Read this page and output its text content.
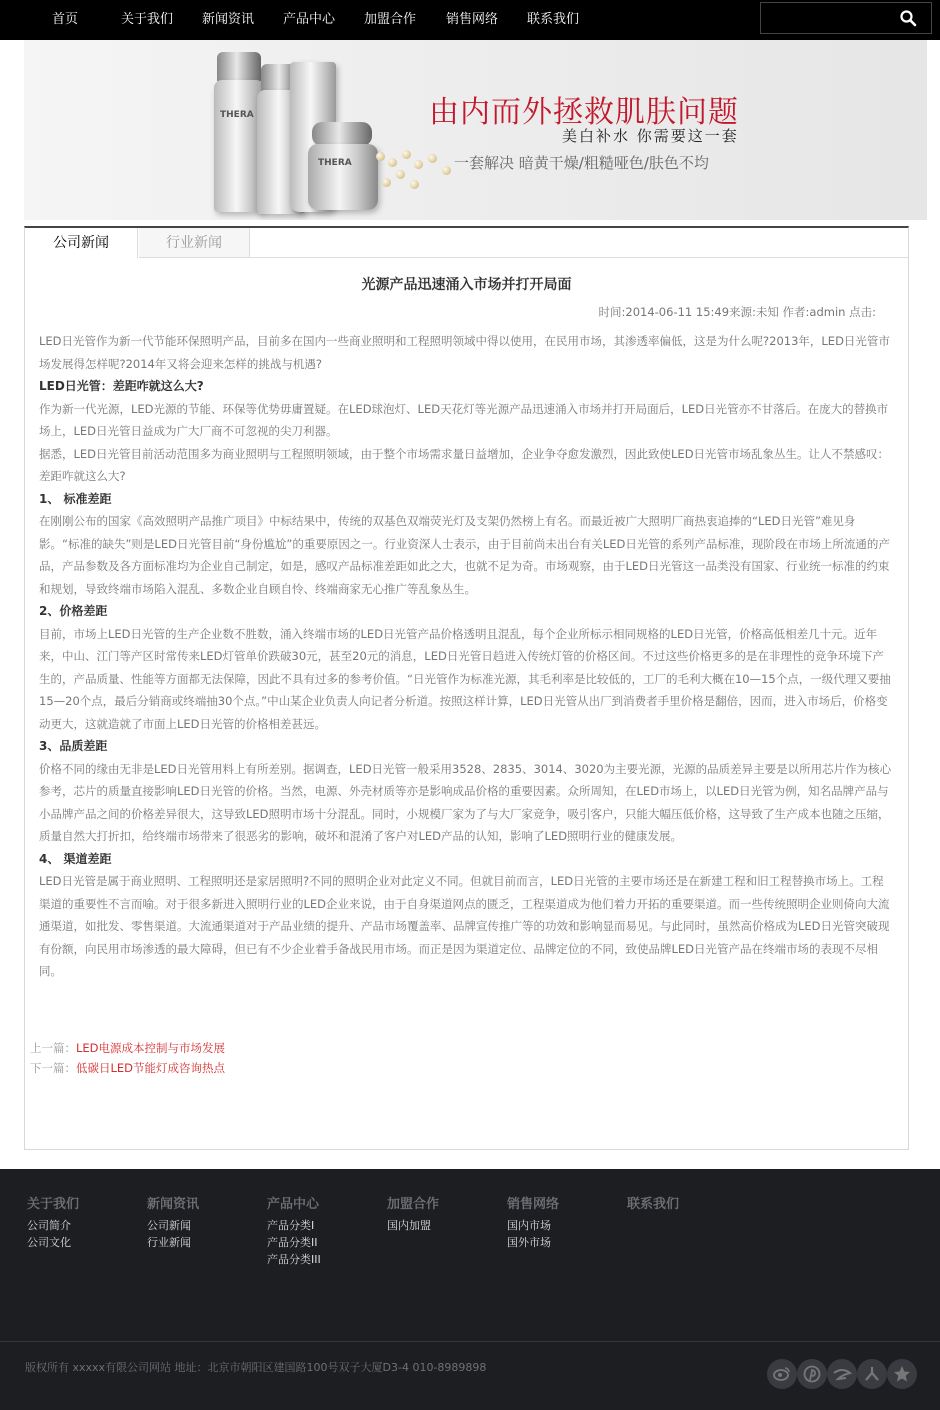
首页	关于我们 新闻资讯 产品中心 加盟合作 销售网络 联系我们
THERA
THERA
由内而外拯救肌肤问题
美白补水 你需要这一套
一套解决 暗黄干燥/粗糙哑色/肤色不均
公司新闻	行业新闻
光源产品迅速涌入市场并打开局面
时间:2014-06-11 15:49来源:未知 作者:admin 点击:

LED日光管作为新一代节能环保照明产品，目前多在国内一些商业照明和工程照明领域中得以使用，在民用市场，其渗透率偏低，这是为什么呢?2013年，LED日光管市场发展得怎样呢?2014年又将会迎来怎样的挑战与机遇?

LED日光管：差距咋就这么大?

作为新一代光源，LED光源的节能、环保等优势毋庸置疑。在LED球泡灯、LED天花灯等光源产品迅速涌入市场并打开局面后，LED日光管亦不甘落后。在庞大的替换市场上，LED日光管日益成为广大厂商不可忽视的尖刀利器。

据悉，LED日光管目前活动范围多为商业照明与工程照明领域，由于整个市场需求量日益增加，企业争夺愈发激烈，因此致使LED日光管市场乱象丛生。让人不禁感叹：差距咋就这么大?

1、 标准差距

在刚刚公布的国家《高效照明产品推广项目》中标结果中，传统的双基色双端荧光灯及支架仍然榜上有名。而最近被广大照明厂商热衷追捧的“LED日光管”难见身影。“标准的缺失”则是LED日光管目前“身份尴尬”的重要原因之一。行业资深人士表示，由于目前尚未出台有关LED日光管的系列产品标准，现阶段在市场上所流通的产品，产品参数及各方面标准均为企业自己制定，如是，感叹产品标准差距如此之大，也就不足为奇。市场观察，由于LED日光管这一品类没有国家、行业统一标准的约束和规划，导致终端市场陷入混乱、多数企业自顾自怜、终端商家无心推广等乱象丛生。

2、价格差距

目前，市场上LED日光管的生产企业数不胜数，涌入终端市场的LED日光管产品价格透明且混乱，每个企业所标示相同规格的LED日光管，价格高低相差几十元。近年来，中山、江门等产区时常传来LED灯管单价跌破30元，甚至20元的消息，LED日光管日趋进入传统灯管的价格区间。不过这些价格更多的是在非理性的竞争环境下产生的，产品质量、性能等方面都无法保障，因此不具有过多的参考价值。“日光管作为标准光源，其毛利率是比较低的，工厂的毛利大概在10—15个点，一级代理又要抽15—20个点，最后分销商或终端抽30个点。”中山某企业负责人向记者分析道。按照这样计算，LED日光管从出厂到消费者手里价格是翻倍，因而，进入市场后，价格变动更大，这就造就了市面上LED日光管的价格相差甚远。

3、品质差距

价格不同的缘由无非是LED日光管用料上有所差别。据调查，LED日光管一般采用3528、2835、3014、3020为主要光源，光源的品质差异主要是以所用芯片作为核心参考，芯片的质量直接影响LED日光管的价格。当然，电源、外壳材质等亦是影响成品价格的重要因素。众所周知，在LED市场上，以LED日光管为例，知名品牌产品与小品牌产品之间的价格差异很大，这导致LED照明市场十分混乱。同时，小规模厂家为了与大厂家竞争，吸引客户，只能大幅压低价格，这导致了生产成本也随之压缩，质量自然大打折扣，给终端市场带来了很恶劣的影响，破坏和混淆了客户对LED产品的认知，影响了LED照明行业的健康发展。

4、 渠道差距

LED日光管是属于商业照明、工程照明还是家居照明?不同的照明企业对此定义不同。但就目前而言，LED日光管的主要市场还是在新建工程和旧工程替换市场上。工程渠道的重要性不言而喻。对于很多新进入照明行业的LED企业来说，由于自身渠道网点的匮乏，工程渠道成为他们着力开拓的重要渠道。而一些传统照明企业则倚向大流通渠道，如批发、零售渠道。大流通渠道对于产品业绩的提升、产品市场覆盖率、品牌宣传推广等的功效和影响显而易见。与此同时，虽然高价格成为LED日光管突破现有份额，向民用市场渗透的最大障碍，但已有不少企业着手备战民用市场。而正是因为渠道定位、品牌定位的不同，致使品牌LED日光管产品在终端市场的表现不尽相同。

上一篇：LED电源成本控制与市场发展
下一篇：低碳日LED节能灯成咨询热点
关于我们
公司简介
公司文化
新闻资讯
公司新闻
行业新闻
产品中心
产品分类I
产品分类II
产品分类III
加盟合作
国内加盟
销售网络
国内市场
国外市场
联系我们
版权所有 xxxxx有限公司网站 地址：北京市朝阳区建国路100号双子大厦D3-4 010-8989898
